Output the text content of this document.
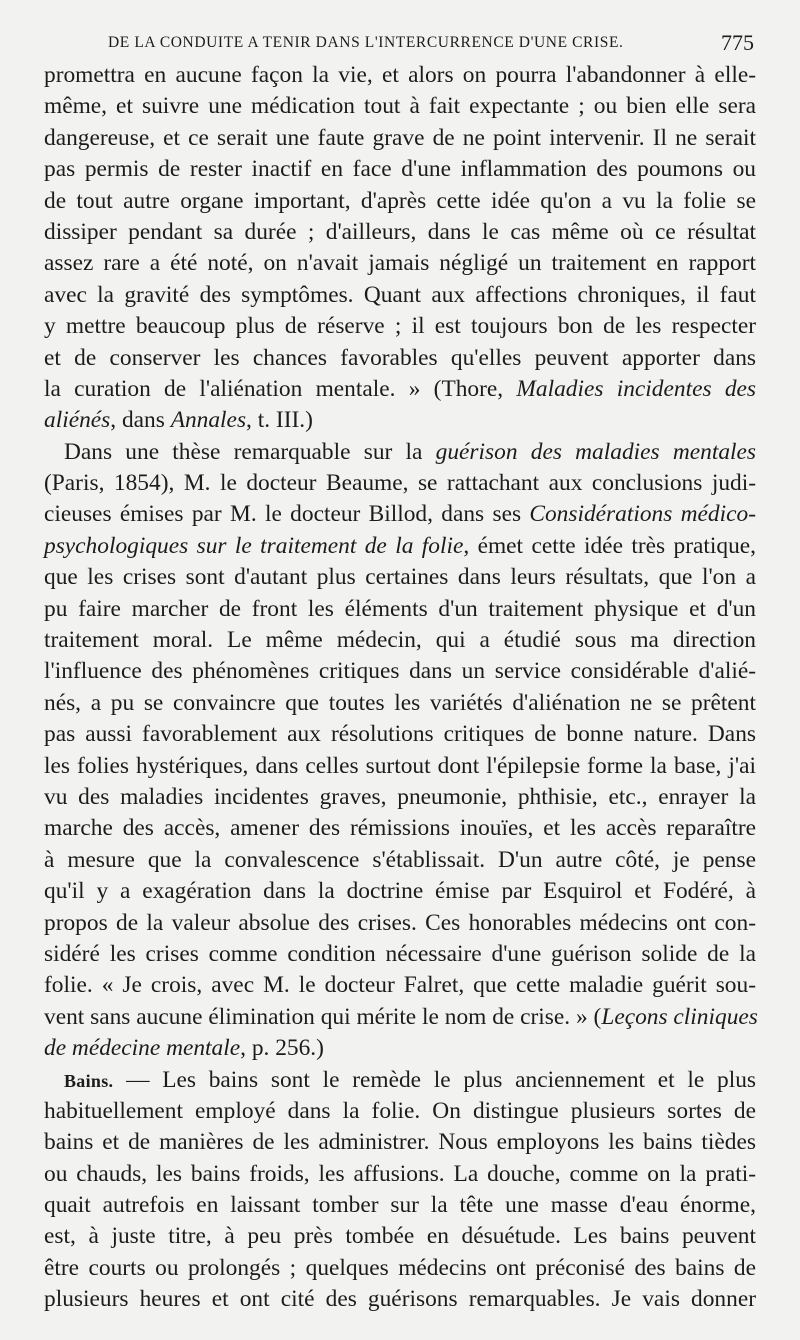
DE LA CONDUITE A TENIR DANS L'INTERCURRENCE D'UNE CRISE.	775
promettra en aucune façon la vie, et alors on pourra l'abandonner à elle-
même, et suivre une médication tout à fait expectante ; ou bien elle sera
dangereuse, et ce serait une faute grave de ne point intervenir. Il ne serait
pas permis de rester inactif en face d'une inflammation des poumons ou
de tout autre organe important, d'après cette idée qu'on a vu la folie se
dissiper pendant sa durée ; d'ailleurs, dans le cas même où ce résultat
assez rare a été noté, on n'avait jamais négligé un traitement en rapport
avec la gravité des symptômes. Quant aux affections chroniques, il faut
y mettre beaucoup plus de réserve ; il est toujours bon de les respecter
et de conserver les chances favorables qu'elles peuvent apporter dans
la curation de l'aliénation mentale. » (Thore, Maladies incidentes des
aliénés, dans Annales, t. III.)
Dans une thèse remarquable sur la guérison des maladies mentales
(Paris, 1854), M. le docteur Beaume, se rattachant aux conclusions judi-
cieuses émises par M. le docteur Billod, dans ses Considérations médico-
psychologiques sur le traitement de la folie, émet cette idée très pratique,
que les crises sont d'autant plus certaines dans leurs résultats, que l'on a
pu faire marcher de front les éléments d'un traitement physique et d'un
traitement moral. Le même médecin, qui a étudié sous ma direction
l'influence des phénomènes critiques dans un service considérable d'alié-
nés, a pu se convaincre que toutes les variétés d'aliénation ne se prêtent
pas aussi favorablement aux résolutions critiques de bonne nature. Dans
les folies hystériques, dans celles surtout dont l'épilepsie forme la base, j'ai
vu des maladies incidentes graves, pneumonie, phthisie, etc., enrayer la
marche des accès, amener des rémissions inouïes, et les accès reparaître
à mesure que la convalescence s'établissait. D'un autre côté, je pense
qu'il y a exagération dans la doctrine émise par Esquirol et Fodéré, à
propos de la valeur absolue des crises. Ces honorables médecins ont con-
sidéré les crises comme condition nécessaire d'une guérison solide de la
folie. « Je crois, avec M. le docteur Falret, que cette maladie guérit sou-
vent sans aucune élimination qui mérite le nom de crise. » (Leçons cliniques
de médecine mentale, p. 256.)
Bains. — Les bains sont le remède le plus anciennement et le plus
habituellement employé dans la folie. On distingue plusieurs sortes de
bains et de manières de les administrer. Nous employons les bains tièdes
ou chauds, les bains froids, les affusions. La douche, comme on la prati-
quait autrefois en laissant tomber sur la tête une masse d'eau énorme,
est, à juste titre, à peu près tombée en désuétude. Les bains peuvent
être courts ou prolongés ; quelques médecins ont préconisé des bains de
plusieurs heures et ont cité des guérisons remarquables. Je vais donner
